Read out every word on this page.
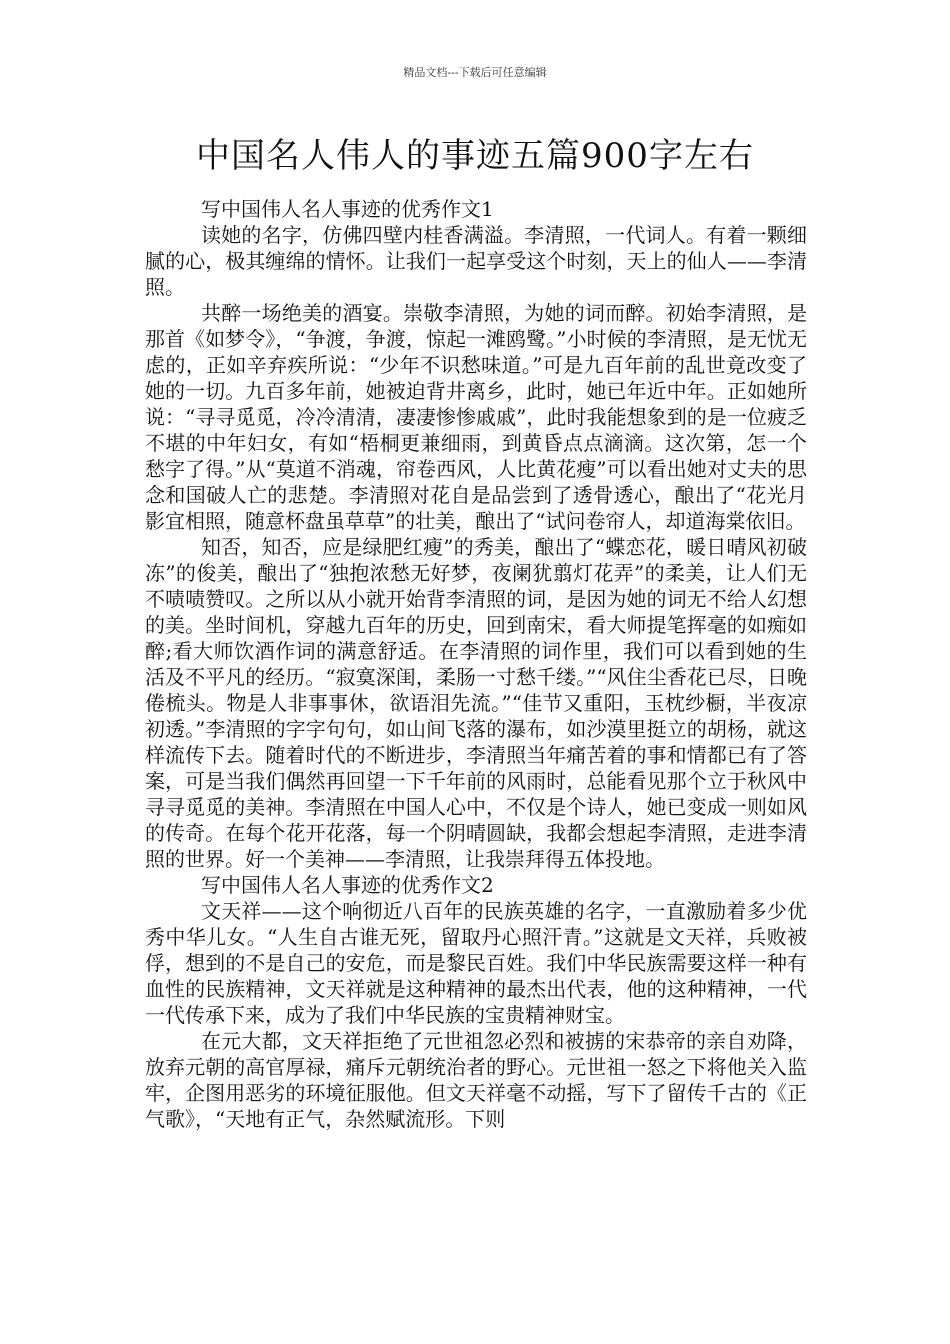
精品文档---下载后可任意编辑
中国名人伟人的事迹五篇900字左右

写中国伟人名人事迹的优秀作文1

读她的名字，仿佛四壁内桂香满溢。李清照，一代词人。有着一颗细腻的心，极其缠绵的情怀。让我们一起享受这个时刻，天上的仙人——李清照。

共醉一场绝美的酒宴。崇敬李清照，为她的词而醉。初始李清照，是那首《如梦令》，“争渡，争渡，惊起一滩鸥鹭。”小时候的李清照，是无忧无虑的，正如辛弃疾所说：“少年不识愁味道。”可是九百年前的乱世竟改变了她的一切。九百多年前，她被迫背井离乡，此时，她已年近中年。正如她所说：“寻寻觅觅，冷冷清清，凄凄惨惨戚戚”，此时我能想象到的是一位疲乏不堪的中年妇女，有如“梧桐更兼细雨，到黄昏点点滴滴。这次第，怎一个愁字了得。”从“莫道不消魂，帘卷西风，人比黄花瘦”可以看出她对丈夫的思念和国破人亡的悲楚。李清照对花自是品尝到了透骨透心，酿出了“花光月影宜相照，随意杯盘虽草草”的壮美，酿出了“试问卷帘人，却道海棠依旧。

知否，知否，应是绿肥红瘦”的秀美，酿出了“蝶恋花，暖日晴风初破冻”的俊美，酿出了“独抱浓愁无好梦，夜阑犹翦灯花弄”的柔美，让人们无不啧啧赞叹。之所以从小就开始背李清照的词，是因为她的词无不给人幻想的美。坐时间机，穿越九百年的历史，回到南宋，看大师提笔挥毫的如痴如醉;看大师饮酒作词的满意舒适。在李清照的词作里，我们可以看到她的生活及不平凡的经历。“寂寞深闺，柔肠一寸愁千缕。”“风住尘香花已尽，日晚倦梳头。物是人非事事休，欲语泪先流。”“佳节又重阳，玉枕纱橱，半夜凉初透。”李清照的字字句句，如山间飞落的瀑布，如沙漠里挺立的胡杨，就这样流传下去。随着时代的不断进步，李清照当年痛苦着的事和情都已有了答案，可是当我们偶然再回望一下千年前的风雨时，总能看见那个立于秋风中寻寻觅觅的美神。李清照在中国人心中，不仅是个诗人，她已变成一则如风的传奇。在每个花开花落，每一个阴晴圆缺，我都会想起李清照，走进李清照的世界。好一个美神——李清照，让我崇拜得五体投地。

写中国伟人名人事迹的优秀作文2

文天祥——这个响彻近八百年的民族英雄的名字，一直激励着多少优秀中华儿女。“人生自古谁无死，留取丹心照汗青。”这就是文天祥，兵败被俘，想到的不是自己的安危，而是黎民百姓。我们中华民族需要这样一种有血性的民族精神，文天祥就是这种精神的最杰出代表，他的这种精神，一代一代传承下来，成为了我们中华民族的宝贵精神财宝。

在元大都，文天祥拒绝了元世祖忽必烈和被掳的宋恭帝的亲自劝降，放弃元朝的高官厚禄，痛斥元朝统治者的野心。元世祖一怒之下将他关入监牢，企图用恶劣的环境征服他。但文天祥毫不动摇，写下了留传千古的《正气歌》，“天地有正气，杂然赋流形。下则
